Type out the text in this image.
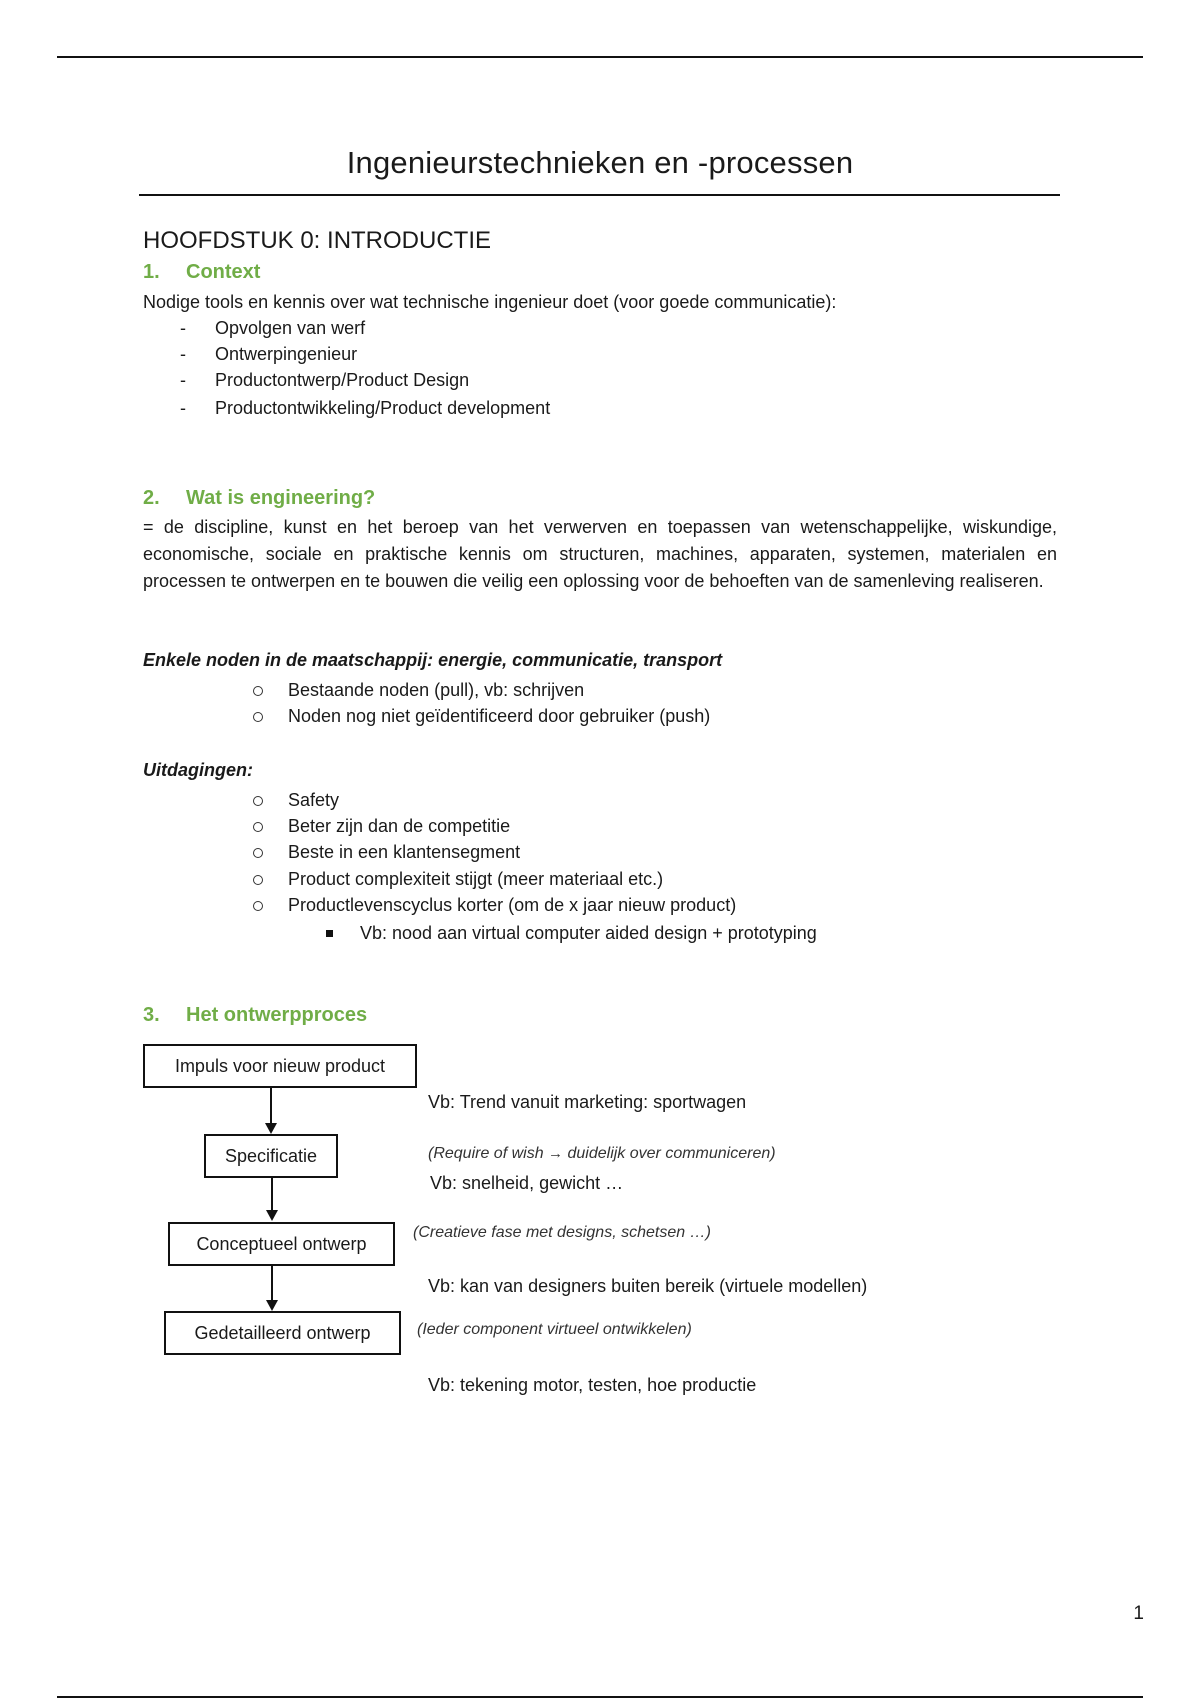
Ingenieurstechnieken en -processen
HOOFDSTUK 0: INTRODUCTIE
1. Context
Nodige tools en kennis over wat technische ingenieur doet (voor goede communicatie):
- Opvolgen van werf
- Ontwerpingenieur
- Productontwerp/Product Design
- Productontwikkeling/Product development
2. Wat is engineering?
= de discipline, kunst en het beroep van het verwerven en toepassen van wetenschappelijke, wiskundige, economische, sociale en praktische kennis om structuren, machines, apparaten, systemen, materialen en processen te ontwerpen en te bouwen die veilig een oplossing voor de behoeften van de samenleving realiseren.
Enkele noden in de maatschappij: energie, communicatie, transport
Bestaande noden (pull), vb: schrijven
Noden nog niet geïdentificeerd door gebruiker (push)
Uitdagingen:
Safety
Beter zijn dan de competitie
Beste in een klantensegment
Product complexiteit stijgt (meer materiaal etc.)
Productlevenscyclus korter (om de x jaar nieuw product)
Vb: nood aan virtual computer aided design + prototyping
3. Het ontwerpproces
Impuls voor nieuw product
Specificatie
Conceptueel ontwerp
Gedetailleerd ontwerp
Vb: Trend vanuit marketing: sportwagen
(Require of wish → duidelijk over communiceren)
Vb: snelheid, gewicht …
(Creatieve fase met designs, schetsen …)
Vb: kan van designers buiten bereik (virtuele modellen)
(Ieder component virtueel ontwikkelen)
Vb: tekening motor, testen, hoe productie
1
